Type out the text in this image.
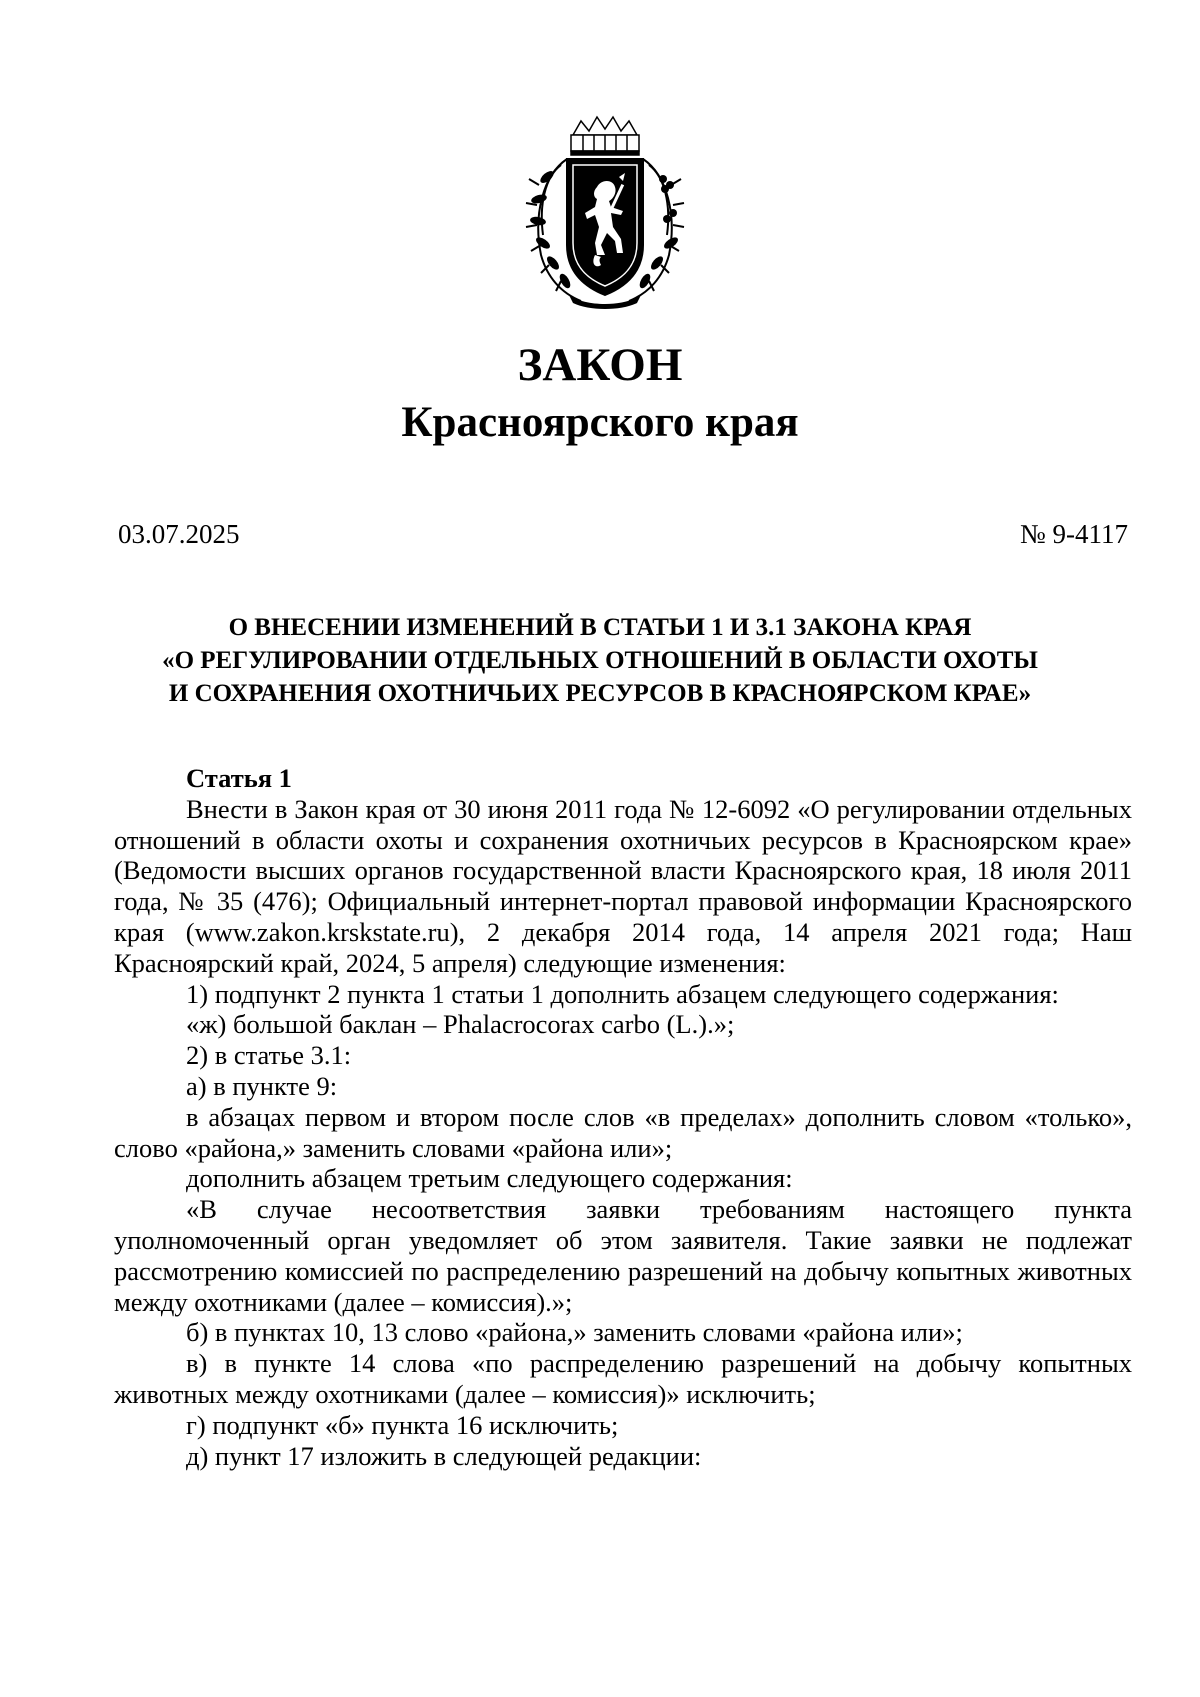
ЗАКОН
Красноярского края
03.07.2025	№ 9-4117
О ВНЕСЕНИИ ИЗМЕНЕНИЙ В СТАТЬИ 1 И 3.1 ЗАКОНА КРАЯ
«О РЕГУЛИРОВАНИИ ОТДЕЛЬНЫХ ОТНОШЕНИЙ В ОБЛАСТИ ОХОТЫ
И СОХРАНЕНИЯ ОХОТНИЧЬИХ РЕСУРСОВ В КРАСНОЯРСКОМ КРАЕ»
Статья 1
Внести в Закон края от 30 июня 2011 года № 12-6092 «О регулировании отдельных отношений в области охоты и сохранения охотничьих ресурсов в Красноярском крае» (Ведомости высших органов государственной власти Красноярского края, 18 июля 2011 года, № 35 (476); Официальный интернет-портал правовой информации Красноярского края (www.zakon.krskstate.ru), 2 декабря 2014 года, 14 апреля 2021 года; Наш Красноярский край, 2024, 5 апреля) следующие изменения:
1) подпункт 2 пункта 1 статьи 1 дополнить абзацем следующего содержания:
«ж) большой баклан – Phalacrocorax carbo (L.).»;
2) в статье 3.1:
а) в пункте 9:
в абзацах первом и втором после слов «в пределах» дополнить словом «только», слово «района,» заменить словами «района или»;
дополнить абзацем третьим следующего содержания:
«В случае несоответствия заявки требованиям настоящего пункта уполномоченный орган уведомляет об этом заявителя. Такие заявки не подлежат рассмотрению комиссией по распределению разрешений на добычу копытных животных между охотниками (далее – комиссия).»;
б) в пунктах 10, 13 слово «района,» заменить словами «района или»;
в) в пункте 14 слова «по распределению разрешений на добычу копытных животных между охотниками (далее – комиссия)» исключить;
г) подпункт «б» пункта 16 исключить;
д) пункт 17 изложить в следующей редакции:
